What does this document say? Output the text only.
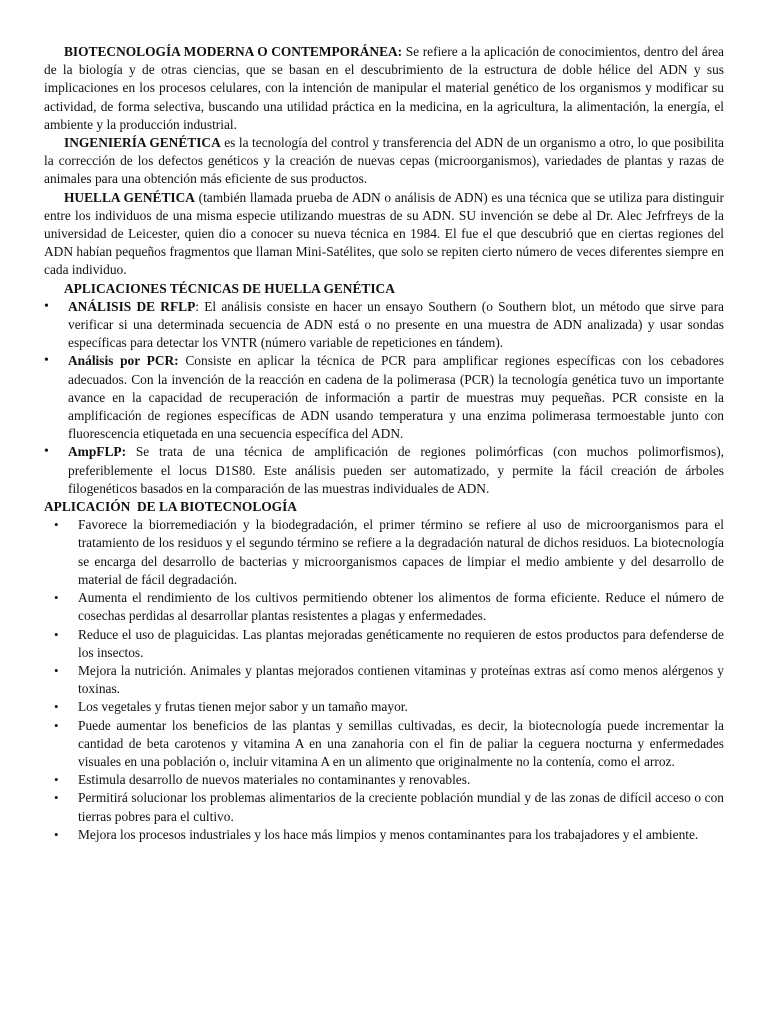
BIOTECNOLOGÍA MODERNA O CONTEMPORÁNEA: Se refiere a la aplicación de conocimientos, dentro del área de la biología y de otras ciencias, que se basan en el descubrimiento de la estructura de doble hélice del ADN y sus implicaciones en los procesos celulares, con la intención de manipular el material genético de los organismos y modificar su actividad, de forma selectiva, buscando una utilidad práctica en la medicina, en la agricultura, la alimentación, la energía, el ambiente y la producción industrial.

INGENIERÍA GENÉTICA es la tecnología del control y transferencia del ADN de un organismo a otro, lo que posibilita la corrección de los defectos genéticos y la creación de nuevas cepas (microorganismos), variedades de plantas y razas de animales para una obtención más eficiente de sus productos.

HUELLA GENÉTICA (también llamada prueba de ADN o análisis de ADN) es una técnica que se utiliza para distinguir entre los individuos de una misma especie utilizando muestras de su ADN. SU invención se debe al Dr. Alec Jefrfreys de la universidad de Leicester, quien dio a conocer su nueva técnica en 1984. El fue el que descubrió que en ciertas regiones del ADN habían pequeños fragmentos que llaman Mini-Satélites, que solo se repiten cierto número de veces diferentes siempre en cada individuo.

APLICACIONES TÉCNICAS DE HUELLA GENÉTICA
• ANÁLISIS DE RFLP: El análisis consiste en hacer un ensayo Southern (o Southern blot, un método que sirve para verificar si una determinada secuencia de ADN está o no presente en una muestra de ADN analizada) y usar sondas específicas para detectar los VNTR (número variable de repeticiones en tándem).
• Análisis por PCR: Consiste en aplicar la técnica de PCR para amplificar regiones específicas con los cebadores adecuados. Con la invención de la reacción en cadena de la polimerasa (PCR) la tecnología genética tuvo un importante avance en la capacidad de recuperación de información a partir de muestras muy pequeñas. PCR consiste en la amplificación de regiones específicas de ADN usando temperatura y una enzima polimerasa termoestable junto con fluorescencia etiquetada en una secuencia específica del ADN.
• AmpFLP: Se trata de una técnica de amplificación de regiones polimórficas (con muchos polimorfismos), preferiblemente el locus D1S80. Este análisis pueden ser automatizado, y permite la fácil creación de árboles filogenéticos basados en la comparación de las muestras individuales de ADN.
APLICACIÓN  DE LA BIOTECNOLOGÍA
• Favorece la biorremediación y la biodegradación, el primer término se refiere al uso de microorganismos para el tratamiento de los residuos y el segundo término se refiere a la degradación natural de dichos residuos. La biotecnología se encarga del desarrollo de bacterias y microorganismos capaces de limpiar el medio ambiente y del desarrollo de material de fácil degradación.
• Aumenta el rendimiento de los cultivos permitiendo obtener los alimentos de forma eficiente. Reduce el número de cosechas perdidas al desarrollar plantas resistentes a plagas y enfermedades.
• Reduce el uso de plaguicidas. Las plantas mejoradas genéticamente no requieren de estos productos para defenderse de los insectos.
• Mejora la nutrición. Animales y plantas mejorados contienen vitaminas y proteínas extras así como menos alérgenos y toxinas.
• Los vegetales y frutas tienen mejor sabor y un tamaño mayor.
• Puede aumentar los beneficios de las plantas y semillas cultivadas, es decir, la biotecnología puede incrementar la cantidad de beta carotenos y vitamina A en una zanahoria con el fin de paliar la ceguera nocturna y enfermedades visuales en una población o, incluir vitamina A en un alimento que originalmente no la contenía, como el arroz.
• Estimula desarrollo de nuevos materiales no contaminantes y renovables.
• Permitirá solucionar los problemas alimentarios de la creciente población mundial y de las zonas de difícil acceso o con tierras pobres para el cultivo.
• Mejora los procesos industriales y los hace más limpios y menos contaminantes para los trabajadores y el ambiente.
